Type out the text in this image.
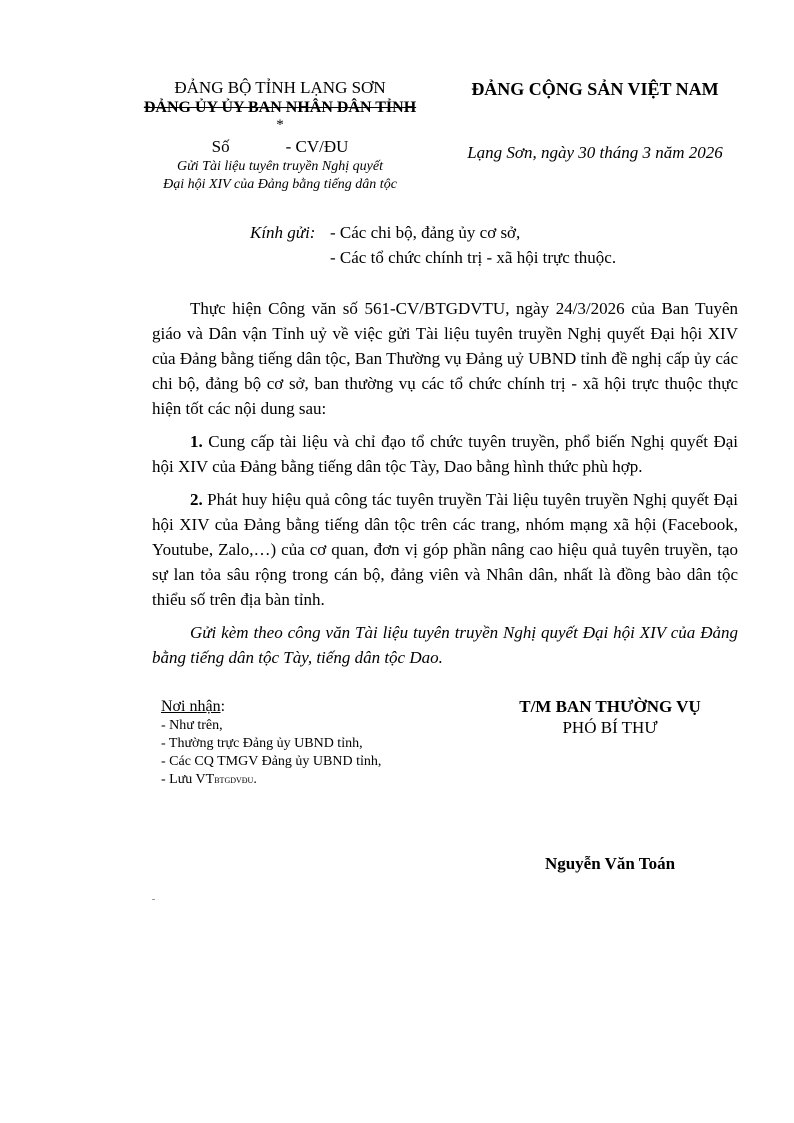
ĐẢNG BỘ TỈNH LẠNG SƠN
ĐẢNG ỦY ỦY BAN NHÂN DÂN TỈNH
*
Số	- CV/ĐU
Gửi Tài liệu tuyên truyền Nghị quyết
Đại hội XIV của Đảng bằng tiếng dân tộc
ĐẢNG CỘNG SẢN VIỆT NAM
Lạng Sơn, ngày 30 tháng 3 năm 2026
Kính gửi: - Các chi bộ, đảng ủy cơ sở,
- Các tổ chức chính trị - xã hội trực thuộc.

Thực hiện Công văn số 561-CV/BTGDVTU, ngày 24/3/2026 của Ban Tuyên giáo và Dân vận Tỉnh uỷ về việc gửi Tài liệu tuyên truyền Nghị quyết Đại hội XIV của Đảng bằng tiếng dân tộc, Ban Thường vụ Đảng uỷ UBND tỉnh đề nghị cấp ủy các chi bộ, đảng bộ cơ sở, ban thường vụ các tổ chức chính trị - xã hội trực thuộc thực hiện tốt các nội dung sau:

1. Cung cấp tài liệu và chỉ đạo tổ chức tuyên truyền, phổ biến Nghị quyết Đại hội XIV của Đảng bằng tiếng dân tộc Tày, Dao bằng hình thức phù hợp.

2. Phát huy hiệu quả công tác tuyên truyền Tài liệu tuyên truyền Nghị quyết Đại hội XIV của Đảng bằng tiếng dân tộc trên các trang, nhóm mạng xã hội (Facebook, Youtube, Zalo,…) của cơ quan, đơn vị góp phần nâng cao hiệu quả tuyên truyền, tạo sự lan tỏa sâu rộng trong cán bộ, đảng viên và Nhân dân, nhất là đồng bào dân tộc thiểu số trên địa bàn tỉnh.

Gửi kèm theo công văn Tài liệu tuyên truyền Nghị quyết Đại hội XIV của Đảng bằng tiếng dân tộc Tày, tiếng dân tộc Dao.

Nơi nhận:
- Như trên,
- Thường trực Đảng ủy UBND tỉnh,
- Các CQ TMGV Đảng ủy UBND tỉnh,
- Lưu VTBTGDVĐU.
T/M BAN THƯỜNG VỤ
PHÓ BÍ THƯ
Nguyễn Văn Toán
